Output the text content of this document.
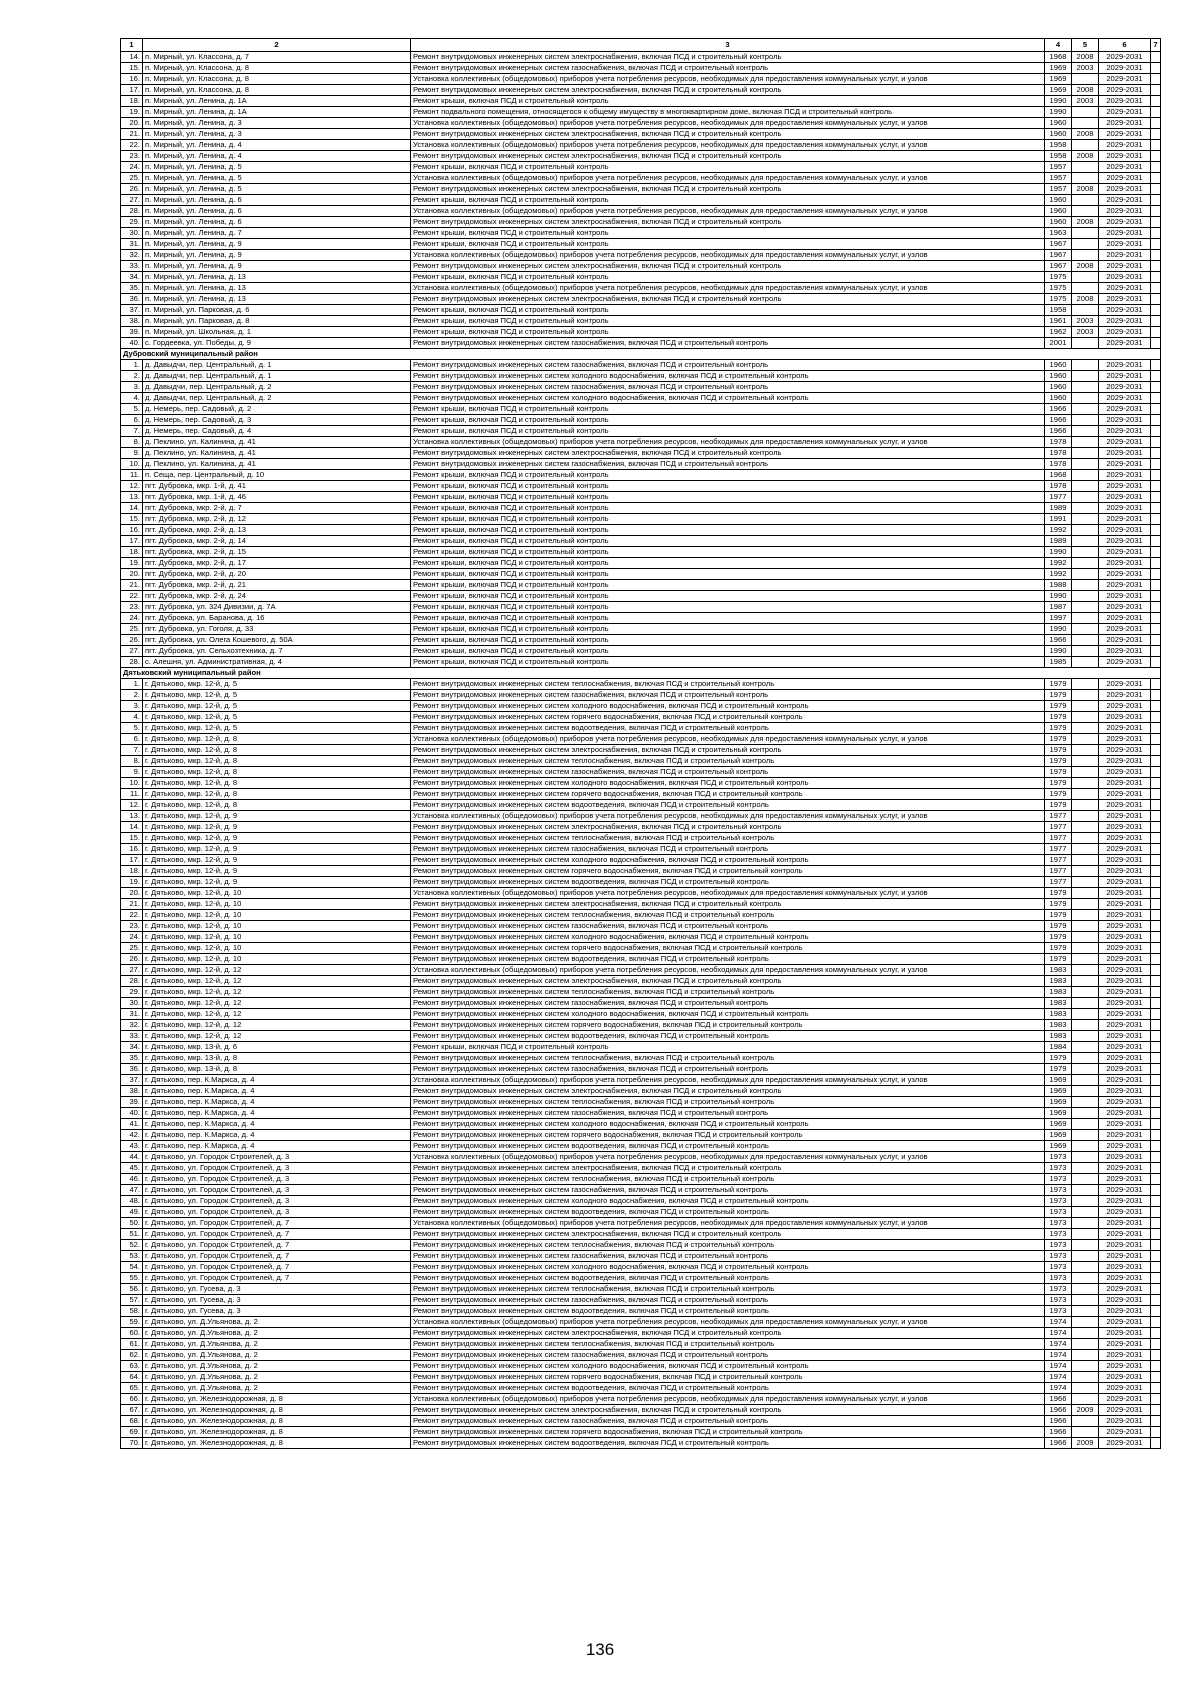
1	2	3	4	5	6	7
14.	п. Мирный, ул. Классона, д. 7	Ремонт внутридомовых инженерных систем электроснабжения, включая ПСД и строительный контроль	1968	2008	2029-2031	
15.	п. Мирный, ул. Классона, д. 8	Ремонт внутридомовых инженерных систем газоснабжения, включая ПСД и строительный контроль	1969	2003	2029-2031	
16.	п. Мирный, ул. Классона, д. 8	Установка коллективных (общедомовых) приборов учета потребления ресурсов, необходимых для предоставления коммунальных услуг, и узлов	1969		2029-2031	
17.	п. Мирный, ул. Классона, д. 8	Ремонт внутридомовых инженерных систем электроснабжения, включая ПСД и строительный контроль	1969	2008	2029-2031	
18.	п. Мирный, ул. Ленина, д. 1А	Ремонт крыши, включая ПСД и строительный контроль	1990	2003	2029-2031	
19.	п. Мирный, ул. Ленина, д. 1А	Ремонт подвального помещения, относящегося к общему имуществу в многоквартирном доме, включая ПСД и строительный контроль	1990		2029-2031	
20.	п. Мирный, ул. Ленина, д. 3	Установка коллективных (общедомовых) приборов учета потребления ресурсов, необходимых для предоставления коммунальных услуг, и узлов	1960		2029-2031	
21.	п. Мирный, ул. Ленина, д. 3	Ремонт внутридомовых инженерных систем электроснабжения, включая ПСД и строительный контроль	1960	2008	2029-2031	
22.	п. Мирный, ул. Ленина, д. 4	Установка коллективных (общедомовых) приборов учета потребления ресурсов, необходимых для предоставления коммунальных услуг, и узлов	1958		2029-2031	
23.	п. Мирный, ул. Ленина, д. 4	Ремонт внутридомовых инженерных систем электроснабжения, включая ПСД и строительный контроль	1958	2008	2029-2031	
24.	п. Мирный, ул. Ленина, д. 5	Ремонт крыши, включая ПСД и строительный контроль	1957		2029-2031	
25.	п. Мирный, ул. Ленина, д. 5	Установка коллективных (общедомовых) приборов учета потребления ресурсов, необходимых для предоставления коммунальных услуг, и узлов	1957		2029-2031	
26.	п. Мирный, ул. Ленина, д. 5	Ремонт внутридомовых инженерных систем электроснабжения, включая ПСД и строительный контроль	1957	2008	2029-2031	
27.	п. Мирный, ул. Ленина, д. 6	Ремонт крыши, включая ПСД и строительный контроль	1960		2029-2031	
28.	п. Мирный, ул. Ленина, д. 6	Установка коллективных (общедомовых) приборов учета потребления ресурсов, необходимых для предоставления коммунальных услуг, и узлов	1960		2029-2031	
29.	п. Мирный, ул. Ленина, д. 6	Ремонт внутридомовых инженерных систем электроснабжения, включая ПСД и строительный контроль	1960	2008	2029-2031	
30.	п. Мирный, ул. Ленина, д. 7	Ремонт крыши, включая ПСД и строительный контроль	1963		2029-2031	
31.	п. Мирный, ул. Ленина, д. 9	Ремонт крыши, включая ПСД и строительный контроль	1967		2029-2031	
32.	п. Мирный, ул. Ленина, д. 9	Установка коллективных (общедомовых) приборов учета потребления ресурсов, необходимых для предоставления коммунальных услуг, и узлов	1967		2029-2031	
33.	п. Мирный, ул. Ленина, д. 9	Ремонт внутридомовых инженерных систем электроснабжения, включая ПСД и строительный контроль	1967	2008	2029-2031	
34.	п. Мирный, ул. Ленина, д. 13	Ремонт крыши, включая ПСД и строительный контроль	1975		2029-2031	
35.	п. Мирный, ул. Ленина, д. 13	Установка коллективных (общедомовых) приборов учета потребления ресурсов, необходимых для предоставления коммунальных услуг, и узлов	1975		2029-2031	
36.	п. Мирный, ул. Ленина, д. 13	Ремонт внутридомовых инженерных систем электроснабжения, включая ПСД и строительный контроль	1975	2008	2029-2031	
37.	п. Мирный, ул. Парковая, д. 6	Ремонт крыши, включая ПСД и строительный контроль	1958		2029-2031	
38.	п. Мирный, ул. Парковая, д. 8	Ремонт крыши, включая ПСД и строительный контроль	1961	2003	2029-2031	
39.	п. Мирный, ул. Школьная, д. 1	Ремонт крыши, включая ПСД и строительный контроль	1962	2003	2029-2031	
40.	с. Гордеевка, ул. Победы, д. 9	Ремонт внутридомовых инженерных систем газоснабжения, включая ПСД и строительный контроль	2001		2029-2031	
Дубровский муниципальный район						
1.	д. Давыдчи, пер. Центральный, д. 1	Ремонт внутридомовых инженерных систем газоснабжения, включая ПСД и строительный контроль	1960		2029-2031	
2.	д. Давыдчи, пер. Центральный, д. 1	Ремонт внутридомовых инженерных систем холодного водоснабжения, включая ПСД и строительный контроль	1960		2029-2031	
3.	д. Давыдчи, пер. Центральный, д. 2	Ремонт внутридомовых инженерных систем газоснабжения, включая ПСД и строительный контроль	1960		2029-2031	
4.	д. Давыдчи, пер. Центральный, д. 2	Ремонт внутридомовых инженерных систем холодного водоснабжения, включая ПСД и строительный контроль	1960		2029-2031	
5.	д. Немерь, пер. Садовый, д. 2	Ремонт крыши, включая ПСД и строительный контроль	1966		2029-2031	
6.	д. Немерь, пер. Садовый, д. 3	Ремонт крыши, включая ПСД и строительный контроль	1966		2029-2031	
7.	д. Немерь, пер. Садовый, д. 4	Ремонт крыши, включая ПСД и строительный контроль	1966		2029-2031	
8.	д. Пеклино, ул. Калинина, д. 41	Установка коллективных (общедомовых) приборов учета потребления ресурсов, необходимых для предоставления коммунальных услуг, и узлов	1978		2029-2031	
9.	д. Пеклино, ул. Калинина, д. 41	Ремонт внутридомовых инженерных систем электроснабжения, включая ПСД и строительный контроль	1978		2029-2031	
10.	д. Пеклино, ул. Калинина, д. 41	Ремонт внутридомовых инженерных систем газоснабжения, включая ПСД и строительный контроль	1978		2029-2031	
11.	п. Сеща, пер. Центральный, д. 10	Ремонт крыши, включая ПСД и строительный контроль	1968		2029-2031	
12.	пгт. Дубровка, мкр. 1-й, д. 41	Ремонт крыши, включая ПСД и строительный контроль	1978		2029-2031	
13.	пгт. Дубровка, мкр. 1-й, д. 46	Ремонт крыши, включая ПСД и строительный контроль	1977		2029-2031	
14.	пгт. Дубровка, мкр. 2-й, д. 7	Ремонт крыши, включая ПСД и строительный контроль	1989		2029-2031	
15.	пгт. Дубровка, мкр. 2-й, д. 12	Ремонт крыши, включая ПСД и строительный контроль	1991		2029-2031	
16.	пгт. Дубровка, мкр. 2-й, д. 13	Ремонт крыши, включая ПСД и строительный контроль	1992		2029-2031	
17.	пгт. Дубровка, мкр. 2-й, д. 14	Ремонт крыши, включая ПСД и строительный контроль	1989		2029-2031	
18.	пгт. Дубровка, мкр. 2-й, д. 15	Ремонт крыши, включая ПСД и строительный контроль	1990		2029-2031	
19.	пгт. Дубровка, мкр. 2-й, д. 17	Ремонт крыши, включая ПСД и строительный контроль	1992		2029-2031	
20.	пгт. Дубровка, мкр. 2-й, д. 20	Ремонт крыши, включая ПСД и строительный контроль	1992		2029-2031	
21.	пгт. Дубровка, мкр. 2-й, д. 21	Ремонт крыши, включая ПСД и строительный контроль	1988		2029-2031	
22.	пгт. Дубровка, мкр. 2-й, д. 24	Ремонт крыши, включая ПСД и строительный контроль	1990		2029-2031	
23.	пгт. Дубровка, ул. 324 Дивизии, д. 7А	Ремонт крыши, включая ПСД и строительный контроль	1987		2029-2031	
24.	пгт. Дубровка, ул. Баранова, д. 16	Ремонт крыши, включая ПСД и строительный контроль	1997		2029-2031	
25.	пгт. Дубровка, ул. Гоголя, д. 33	Ремонт крыши, включая ПСД и строительный контроль	1990		2029-2031	
26.	пгт. Дубровка, ул. Олега Кошевого, д. 50А	Ремонт крыши, включая ПСД и строительный контроль	1966		2029-2031	
27.	пгт. Дубровка, ул. Сельхозтехника, д. 7	Ремонт крыши, включая ПСД и строительный контроль	1990		2029-2031	
28.	с. Алешня, ул. Административная, д. 4	Ремонт крыши, включая ПСД и строительный контроль	1985		2029-2031	
Дятьковский муниципальный район						
1.	г. Дятьково, мкр. 12-й, д. 5	Ремонт внутридомовых инженерных систем теплоснабжения, включая ПСД и строительный контроль	1979		2029-2031	
2.	г. Дятьково, мкр. 12-й, д. 5	Ремонт внутридомовых инженерных систем газоснабжения, включая ПСД и строительный контроль	1979		2029-2031	
3.	г. Дятьково, мкр. 12-й, д. 5	Ремонт внутридомовых инженерных систем холодного водоснабжения, включая ПСД и строительный контроль	1979		2029-2031	
4.	г. Дятьково, мкр. 12-й, д. 5	Ремонт внутридомовых инженерных систем горячего водоснабжения, включая ПСД и строительный контроль	1979		2029-2031	
5.	г. Дятьково, мкр. 12-й, д. 5	Ремонт внутридомовых инженерных систем водоотведения, включая ПСД и строительный контроль	1979		2029-2031	
6.	г. Дятьково, мкр. 12-й, д. 8	Установка коллективных (общедомовых) приборов учета потребления ресурсов, необходимых для предоставления коммунальных услуг, и узлов	1979		2029-2031	
7.	г. Дятьково, мкр. 12-й, д. 8	Ремонт внутридомовых инженерных систем электроснабжения, включая ПСД и строительный контроль	1979		2029-2031	
8.	г. Дятьково, мкр. 12-й, д. 8	Ремонт внутридомовых инженерных систем теплоснабжения, включая ПСД и строительный контроль	1979		2029-2031	
9.	г. Дятьково, мкр. 12-й, д. 8	Ремонт внутридомовых инженерных систем газоснабжения, включая ПСД и строительный контроль	1979		2029-2031	
10.	г. Дятьково, мкр. 12-й, д. 8	Ремонт внутридомовых инженерных систем холодного водоснабжения, включая ПСД и строительный контроль	1979		2029-2031	
11.	г. Дятьково, мкр. 12-й, д. 8	Ремонт внутридомовых инженерных систем горячего водоснабжения, включая ПСД и строительный контроль	1979		2029-2031	
12.	г. Дятьково, мкр. 12-й, д. 8	Ремонт внутридомовых инженерных систем водоотведения, включая ПСД и строительный контроль	1979		2029-2031	
13.	г. Дятьково, мкр. 12-й, д. 9	Установка коллективных (общедомовых) приборов учета потребления ресурсов, необходимых для предоставления коммунальных услуг, и узлов	1977		2029-2031	
14.	г. Дятьково, мкр. 12-й, д. 9	Ремонт внутридомовых инженерных систем электроснабжения, включая ПСД и строительный контроль	1977		2029-2031	
15.	г. Дятьково, мкр. 12-й, д. 9	Ремонт внутридомовых инженерных систем теплоснабжения, включая ПСД и строительный контроль	1977		2029-2031	
16.	г. Дятьково, мкр. 12-й, д. 9	Ремонт внутридомовых инженерных систем газоснабжения, включая ПСД и строительный контроль	1977		2029-2031	
17.	г. Дятьково, мкр. 12-й, д. 9	Ремонт внутридомовых инженерных систем холодного водоснабжения, включая ПСД и строительный контроль	1977		2029-2031	
18.	г. Дятьково, мкр. 12-й, д. 9	Ремонт внутридомовых инженерных систем горячего водоснабжения, включая ПСД и строительный контроль	1977		2029-2031	
19.	г. Дятьково, мкр. 12-й, д. 9	Ремонт внутридомовых инженерных систем водоотведения, включая ПСД и строительный контроль	1977		2029-2031	
20.	г. Дятьково, мкр. 12-й, д. 10	Установка коллективных (общедомовых) приборов учета потребления ресурсов, необходимых для предоставления коммунальных услуг, и узлов	1979		2029-2031	
21.	г. Дятьково, мкр. 12-й, д. 10	Ремонт внутридомовых инженерных систем электроснабжения, включая ПСД и строительный контроль	1979		2029-2031	
22.	г. Дятьково, мкр. 12-й, д. 10	Ремонт внутридомовых инженерных систем теплоснабжения, включая ПСД и строительный контроль	1979		2029-2031	
23.	г. Дятьково, мкр. 12-й, д. 10	Ремонт внутридомовых инженерных систем газоснабжения, включая ПСД и строительный контроль	1979		2029-2031	
24.	г. Дятьково, мкр. 12-й, д. 10	Ремонт внутридомовых инженерных систем холодного водоснабжения, включая ПСД и строительный контроль	1979		2029-2031	
25.	г. Дятьково, мкр. 12-й, д. 10	Ремонт внутридомовых инженерных систем горячего водоснабжения, включая ПСД и строительный контроль	1979		2029-2031	
26.	г. Дятьково, мкр. 12-й, д. 10	Ремонт внутридомовых инженерных систем водоотведения, включая ПСД и строительный контроль	1979		2029-2031	
27.	г. Дятьково, мкр. 12-й, д. 12	Установка коллективных (общедомовых) приборов учета потребления ресурсов, необходимых для предоставления коммунальных услуг, и узлов	1983		2029-2031	
28.	г. Дятьково, мкр. 12-й, д. 12	Ремонт внутридомовых инженерных систем электроснабжения, включая ПСД и строительный контроль	1983		2029-2031	
29.	г. Дятьково, мкр. 12-й, д. 12	Ремонт внутридомовых инженерных систем теплоснабжения, включая ПСД и строительный контроль	1983		2029-2031	
30.	г. Дятьково, мкр. 12-й, д. 12	Ремонт внутридомовых инженерных систем газоснабжения, включая ПСД и строительный контроль	1983		2029-2031	
31.	г. Дятьково, мкр. 12-й, д. 12	Ремонт внутридомовых инженерных систем холодного водоснабжения, включая ПСД и строительный контроль	1983		2029-2031	
32.	г. Дятьково, мкр. 12-й, д. 12	Ремонт внутридомовых инженерных систем горячего водоснабжения, включая ПСД и строительный контроль	1983		2029-2031	
33.	г. Дятьково, мкр. 12-й, д. 12	Ремонт внутридомовых инженерных систем водоотведения, включая ПСД и строительный контроль	1983		2029-2031	
34.	г. Дятьково, мкр. 13-й, д. 6	Ремонт крыши, включая ПСД и строительный контроль	1984		2029-2031	
35.	г. Дятьково, мкр. 13-й, д. 8	Ремонт внутридомовых инженерных систем теплоснабжения, включая ПСД и строительный контроль	1979		2029-2031	
36.	г. Дятьково, мкр. 13-й, д. 8	Ремонт внутридомовых инженерных систем газоснабжения, включая ПСД и строительный контроль	1979		2029-2031	
37.	г. Дятьково, пер. К.Маркса, д. 4	Установка коллективных (общедомовых) приборов учета потребления ресурсов, необходимых для предоставления коммунальных услуг, и узлов	1969		2029-2031	
38.	г. Дятьково, пер. К.Маркса, д. 4	Ремонт внутридомовых инженерных систем электроснабжения, включая ПСД и строительный контроль	1969		2029-2031	
39.	г. Дятьково, пер. К.Маркса, д. 4	Ремонт внутридомовых инженерных систем теплоснабжения, включая ПСД и строительный контроль	1969		2029-2031	
40.	г. Дятьково, пер. К.Маркса, д. 4	Ремонт внутридомовых инженерных систем газоснабжения, включая ПСД и строительный контроль	1969		2029-2031	
41.	г. Дятьково, пер. К.Маркса, д. 4	Ремонт внутридомовых инженерных систем холодного водоснабжения, включая ПСД и строительный контроль	1969		2029-2031	
42.	г. Дятьково, пер. К.Маркса, д. 4	Ремонт внутридомовых инженерных систем горячего водоснабжения, включая ПСД и строительный контроль	1969		2029-2031	
43.	г. Дятьково, пер. К.Маркса, д. 4	Ремонт внутридомовых инженерных систем водоотведения, включая ПСД и строительный контроль	1969		2029-2031	
44.	г. Дятьково, ул. Городок Строителей, д. 3	Установка коллективных (общедомовых) приборов учета потребления ресурсов, необходимых для предоставления коммунальных услуг, и узлов	1973		2029-2031	
45.	г. Дятьково, ул. Городок Строителей, д. 3	Ремонт внутридомовых инженерных систем электроснабжения, включая ПСД и строительный контроль	1973		2029-2031	
46.	г. Дятьково, ул. Городок Строителей, д. 3	Ремонт внутридомовых инженерных систем теплоснабжения, включая ПСД и строительный контроль	1973		2029-2031	
47.	г. Дятьково, ул. Городок Строителей, д. 3	Ремонт внутридомовых инженерных систем газоснабжения, включая ПСД и строительный контроль	1973		2029-2031	
48.	г. Дятьково, ул. Городок Строителей, д. 3	Ремонт внутридомовых инженерных систем холодного водоснабжения, включая ПСД и строительный контроль	1973		2029-2031	
49.	г. Дятьково, ул. Городок Строителей, д. 3	Ремонт внутридомовых инженерных систем водоотведения, включая ПСД и строительный контроль	1973		2029-2031	
50.	г. Дятьково, ул. Городок Строителей, д. 7	Установка коллективных (общедомовых) приборов учета потребления ресурсов, необходимых для предоставления коммунальных услуг, и узлов	1973		2029-2031	
51.	г. Дятьково, ул. Городок Строителей, д. 7	Ремонт внутридомовых инженерных систем электроснабжения, включая ПСД и строительный контроль	1973		2029-2031	
52.	г. Дятьково, ул. Городок Строителей, д. 7	Ремонт внутридомовых инженерных систем теплоснабжения, включая ПСД и строительный контроль	1973		2029-2031	
53.	г. Дятьково, ул. Городок Строителей, д. 7	Ремонт внутридомовых инженерных систем газоснабжения, включая ПСД и строительный контроль	1973		2029-2031	
54.	г. Дятьково, ул. Городок Строителей, д. 7	Ремонт внутридомовых инженерных систем холодного водоснабжения, включая ПСД и строительный контроль	1973		2029-2031	
55.	г. Дятьково, ул. Городок Строителей, д. 7	Ремонт внутридомовых инженерных систем водоотведения, включая ПСД и строительный контроль	1973		2029-2031	
56.	г. Дятьково, ул. Гусева, д. 3	Ремонт внутридомовых инженерных систем теплоснабжения, включая ПСД и строительный контроль	1973		2029-2031	
57.	г. Дятьково, ул. Гусева, д. 3	Ремонт внутридомовых инженерных систем газоснабжения, включая ПСД и строительный контроль	1973		2029-2031	
58.	г. Дятьково, ул. Гусева, д. 3	Ремонт внутридомовых инженерных систем водоотведения, включая ПСД и строительный контроль	1973		2029-2031	
59.	г. Дятьково, ул. Д.Ульянова, д. 2	Установка коллективных (общедомовых) приборов учета потребления ресурсов, необходимых для предоставления коммунальных услуг, и узлов	1974		2029-2031	
60.	г. Дятьково, ул. Д.Ульянова, д. 2	Ремонт внутридомовых инженерных систем электроснабжения, включая ПСД и строительный контроль	1974		2029-2031	
61.	г. Дятьково, ул. Д.Ульянова, д. 2	Ремонт внутридомовых инженерных систем теплоснабжения, включая ПСД и строительный контроль	1974		2029-2031	
62.	г. Дятьково, ул. Д.Ульянова, д. 2	Ремонт внутридомовых инженерных систем газоснабжения, включая ПСД и строительный контроль	1974		2029-2031	
63.	г. Дятьково, ул. Д.Ульянова, д. 2	Ремонт внутридомовых инженерных систем холодного водоснабжения, включая ПСД и строительный контроль	1974		2029-2031	
64.	г. Дятьково, ул. Д.Ульянова, д. 2	Ремонт внутридомовых инженерных систем горячего водоснабжения, включая ПСД и строительный контроль	1974		2029-2031	
65.	г. Дятьково, ул. Д.Ульянова, д. 2	Ремонт внутридомовых инженерных систем водоотведения, включая ПСД и строительный контроль	1974		2029-2031	
66.	г. Дятьково, ул. Железнодорожная, д. 8	Установка коллективных (общедомовых) приборов учета потребления ресурсов, необходимых для предоставления коммунальных услуг, и узлов	1966		2029-2031	
67.	г. Дятьково, ул. Железнодорожная, д. 8	Ремонт внутридомовых инженерных систем электроснабжения, включая ПСД и строительный контроль	1966	2009	2029-2031	
68.	г. Дятьково, ул. Железнодорожная, д. 8	Ремонт внутридомовых инженерных систем газоснабжения, включая ПСД и строительный контроль	1966		2029-2031	
69.	г. Дятьково, ул. Железнодорожная, д. 8	Ремонт внутридомовых инженерных систем горячего водоснабжения, включая ПСД и строительный контроль	1966		2029-2031	
70.	г. Дятьково, ул. Железнодорожная, д. 8	Ремонт внутридомовых инженерных систем водоотведения, включая ПСД и строительный контроль	1966	2009	2029-2031	
136
